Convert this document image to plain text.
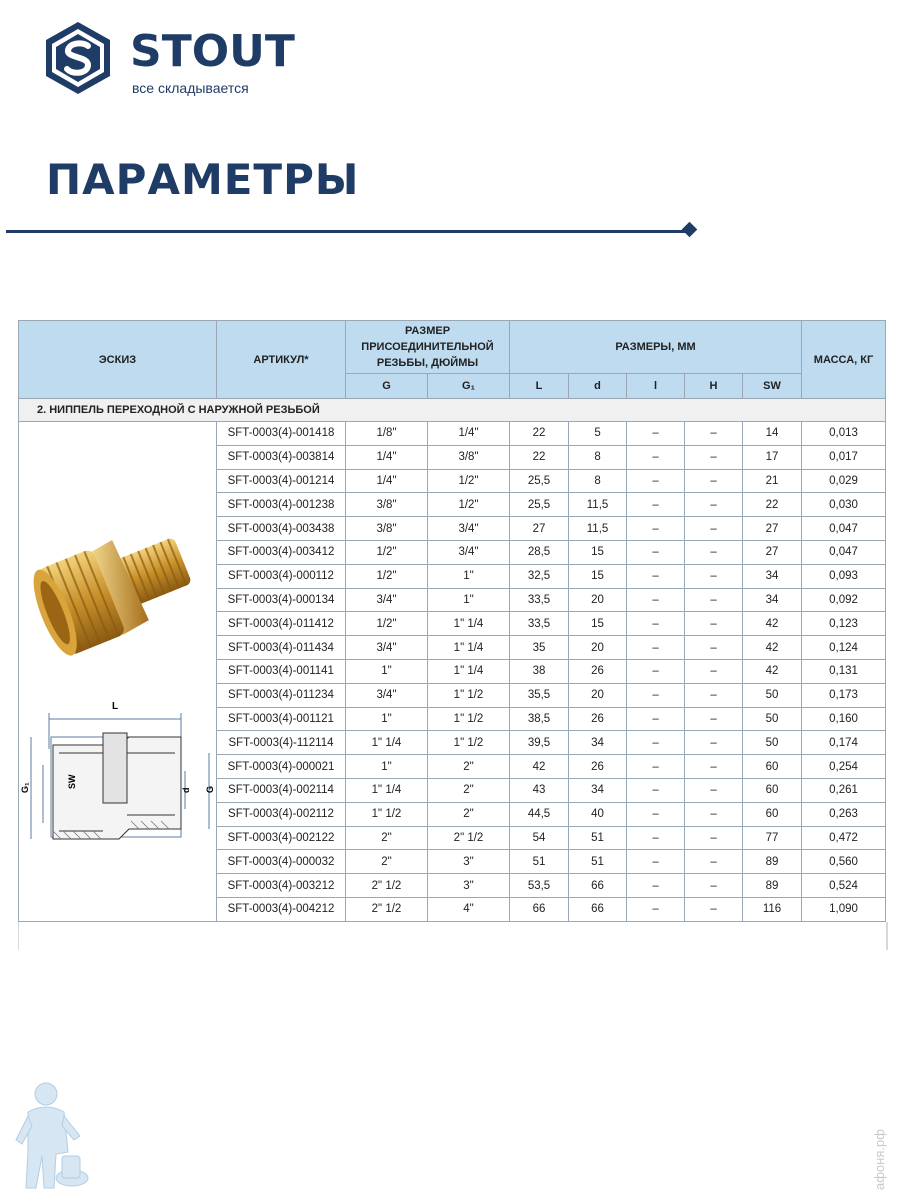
STOUT
все складывается
ПАРАМЕТРЫ
ЭСКИЗ	АРТИКУЛ*	РАЗМЕР ПРИСОЕДИНИТЕЛЬНОЙ РЕЗЬБЫ, ДЮЙМЫ		РАЗМЕРЫ, ММ					МАССА, КГ
		G	G₁	L	d	l	H	SW	
2. НИППЕЛЬ ПЕРЕХОДНОЙ С НАРУЖНОЙ РЕЗЬБОЙ									

L
SW
d G
G₁	SFT-0003(4)-001418	1/8"	1/4"	22	5	–	–	14	0,013
	SFT-0003(4)-003814	1/4"	3/8"	22	8	–	–	17	0,017
	SFT-0003(4)-001214	1/4"	1/2"	25,5	8	–	–	21	0,029
	SFT-0003(4)-001238	3/8"	1/2"	25,5	11,5	–	–	22	0,030
	SFT-0003(4)-003438	3/8"	3/4"	27	11,5	–	–	27	0,047
	SFT-0003(4)-003412	1/2"	3/4"	28,5	15	–	–	27	0,047
	SFT-0003(4)-000112	1/2"	1"	32,5	15	–	–	34	0,093
	SFT-0003(4)-000134	3/4"	1"	33,5	20	–	–	34	0,092
	SFT-0003(4)-011412	1/2"	1" 1/4	33,5	15	–	–	42	0,123
	SFT-0003(4)-011434	3/4"	1" 1/4	35	20	–	–	42	0,124
	SFT-0003(4)-001141	1"	1" 1/4	38	26	–	–	42	0,131
	SFT-0003(4)-011234	3/4"	1" 1/2	35,5	20	–	–	50	0,173
	SFT-0003(4)-001121	1"	1" 1/2	38,5	26	–	–	50	0,160
	SFT-0003(4)-112114	1" 1/4	1" 1/2	39,5	34	–	–	50	0,174
	SFT-0003(4)-000021	1"	2"	42	26	–	–	60	0,254
	SFT-0003(4)-002114	1" 1/4	2"	43	34	–	–	60	0,261
	SFT-0003(4)-002112	1" 1/2	2"	44,5	40	–	–	60	0,263
	SFT-0003(4)-002122	2"	2" 1/2	54	51	–	–	77	0,472
	SFT-0003(4)-000032	2"	3"	51	51	–	–	89	0,560
	SFT-0003(4)-003212	2" 1/2	3"	53,5	66	–	–	89	0,524
	SFT-0003(4)-004212	2" 1/2	4"	66	66	–	–	116	1,090
афоня.рф
